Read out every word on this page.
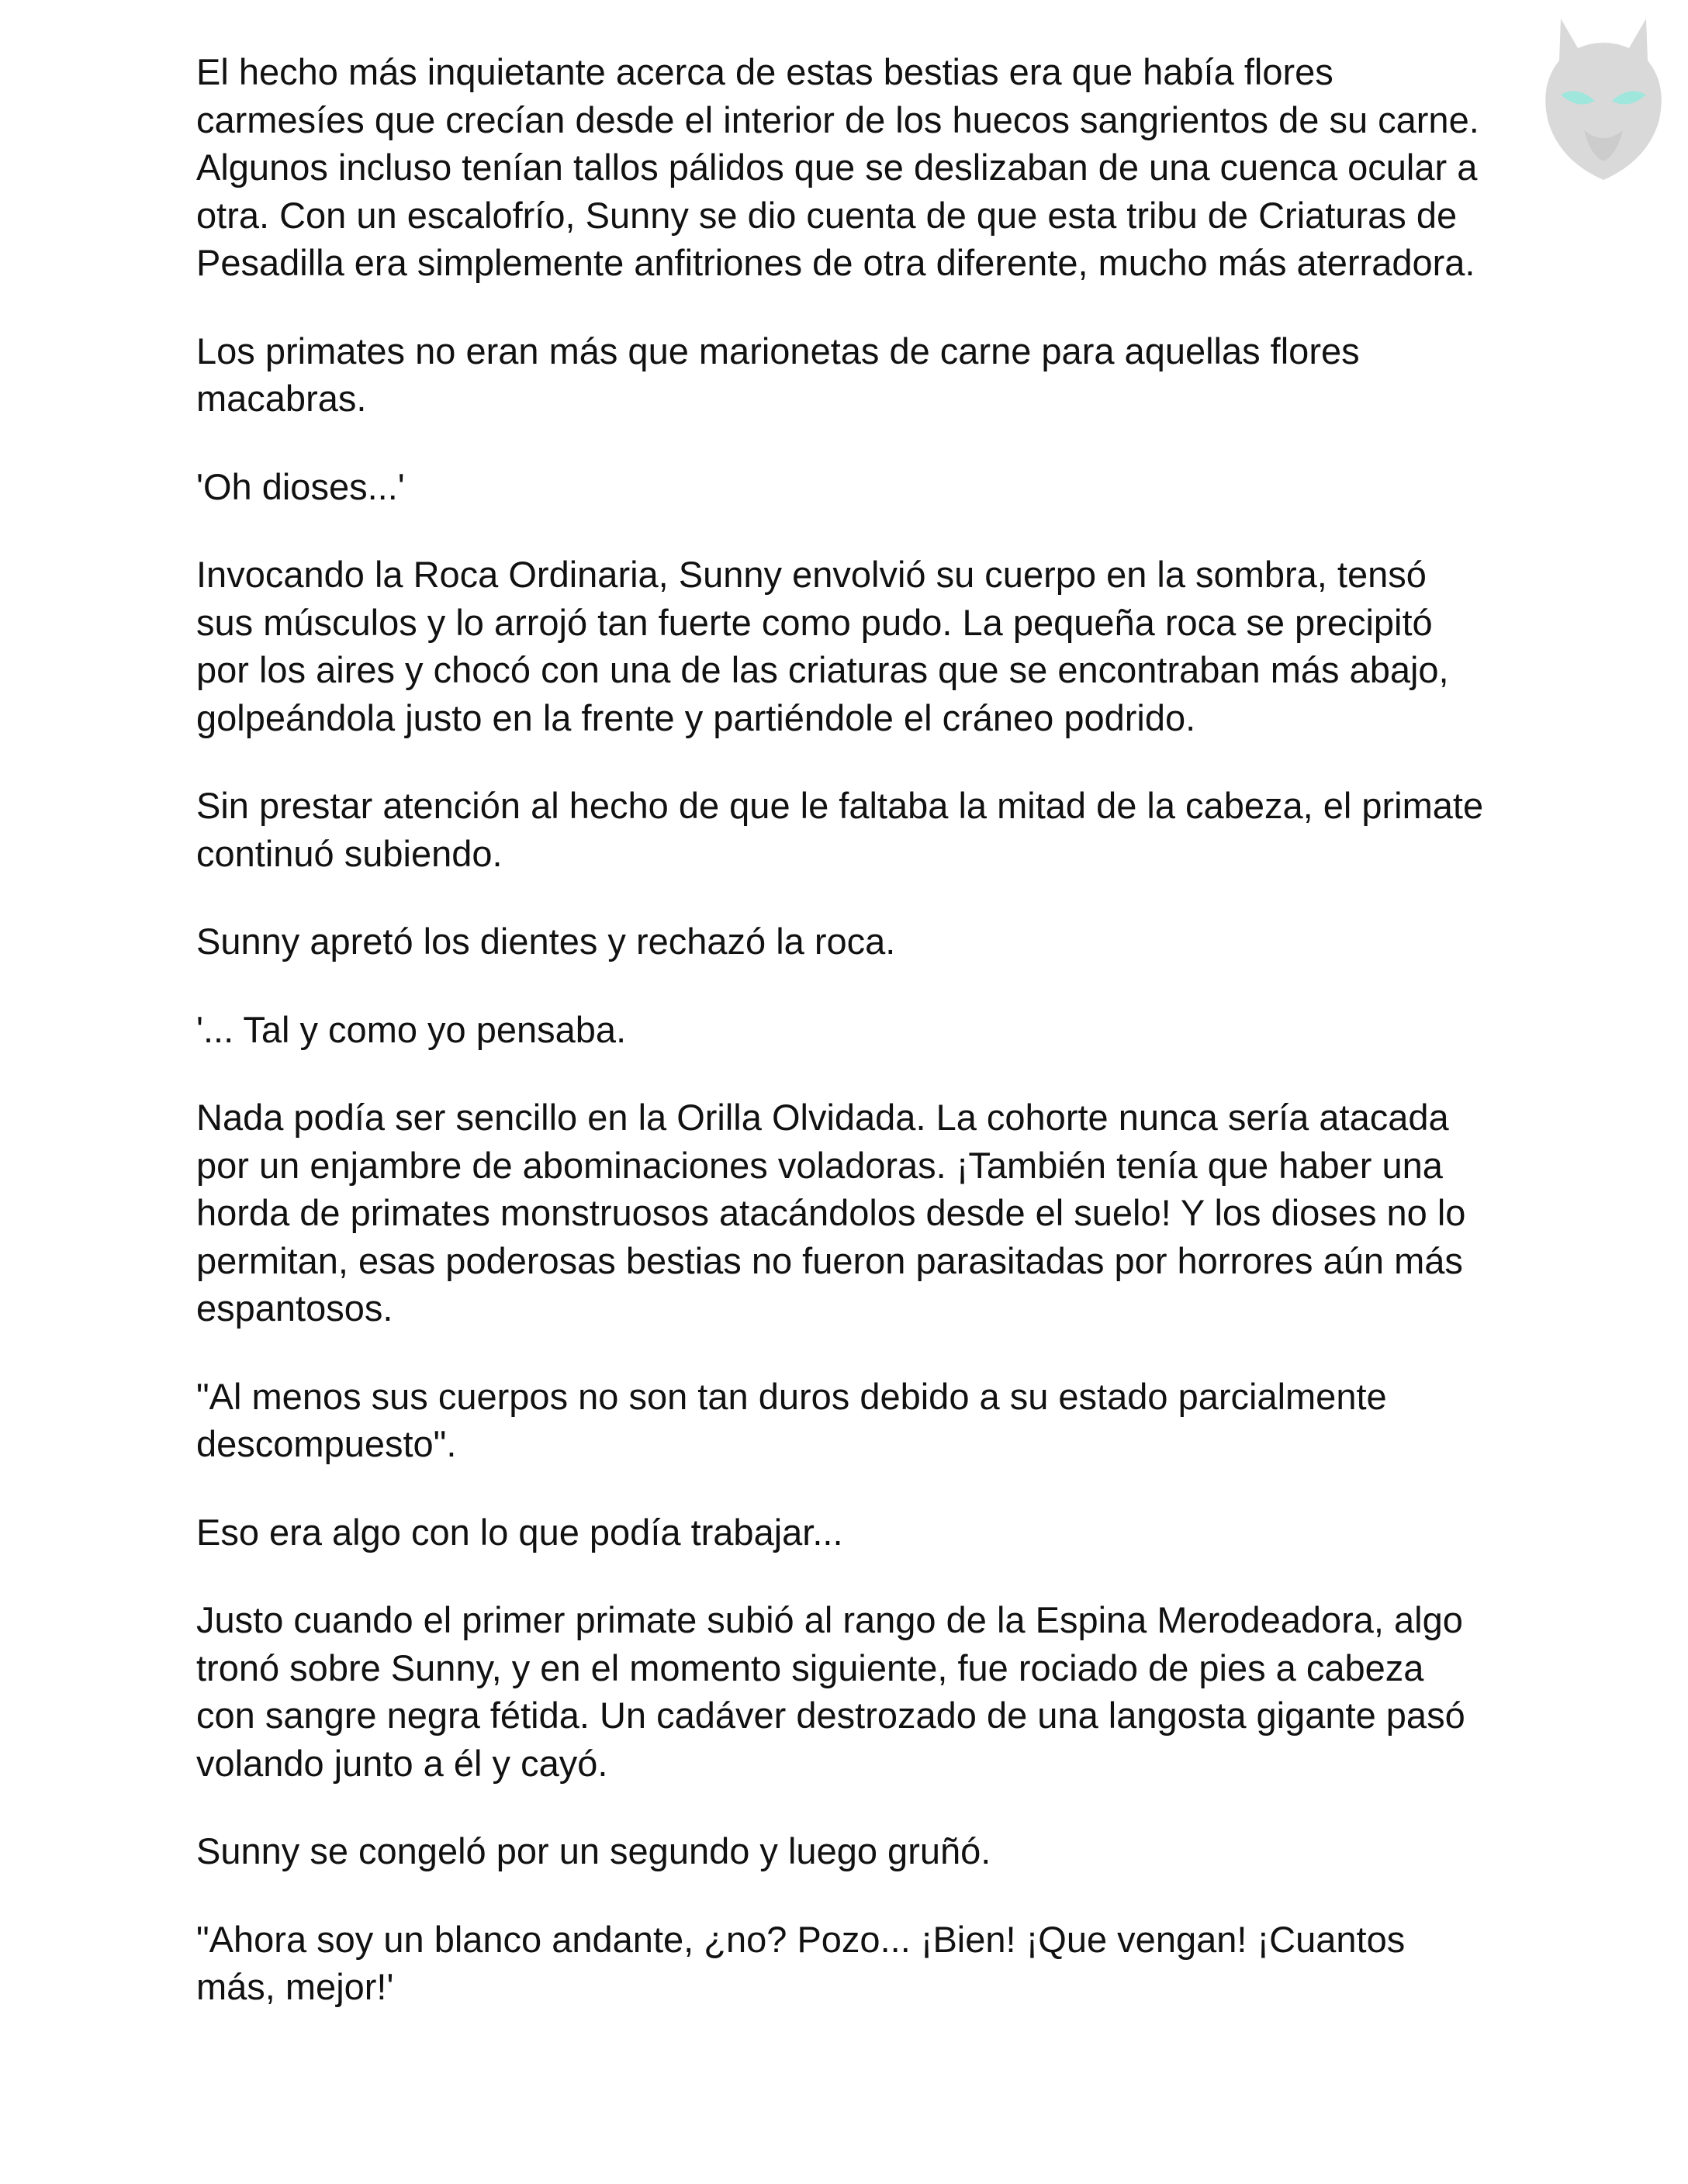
El hecho más inquietante acerca de estas bestias era que había flores carmesíes que crecían desde el interior de los huecos sangrientos de su carne. Algunos incluso tenían tallos pálidos que se deslizaban de una cuenca ocular a otra. Con un escalofrío, Sunny se dio cuenta de que esta tribu de Criaturas de Pesadilla era simplemente anfitriones de otra diferente, mucho más aterradora.

Los primates no eran más que marionetas de carne para aquellas flores macabras.

'Oh dioses...'

Invocando la Roca Ordinaria, Sunny envolvió su cuerpo en la sombra, tensó sus músculos y lo arrojó tan fuerte como pudo. La pequeña roca se precipitó por los aires y chocó con una de las criaturas que se encontraban más abajo, golpeándola justo en la frente y partiéndole el cráneo podrido.

Sin prestar atención al hecho de que le faltaba la mitad de la cabeza, el primate continuó subiendo.

Sunny apretó los dientes y rechazó la roca.

'... Tal y como yo pensaba.

Nada podía ser sencillo en la Orilla Olvidada. La cohorte nunca sería atacada por un enjambre de abominaciones voladoras. ¡También tenía que haber una horda de primates monstruosos atacándolos desde el suelo! Y los dioses no lo permitan, esas poderosas bestias no fueron parasitadas por horrores aún más espantosos.

"Al menos sus cuerpos no son tan duros debido a su estado parcialmente descompuesto".

Eso era algo con lo que podía trabajar...

Justo cuando el primer primate subió al rango de la Espina Merodeadora, algo tronó sobre Sunny, y en el momento siguiente, fue rociado de pies a cabeza con sangre negra fétida. Un cadáver destrozado de una langosta gigante pasó volando junto a él y cayó.

Sunny se congeló por un segundo y luego gruñó.

"Ahora soy un blanco andante, ¿no? Pozo... ¡Bien! ¡Que vengan! ¡Cuantos más, mejor!'
